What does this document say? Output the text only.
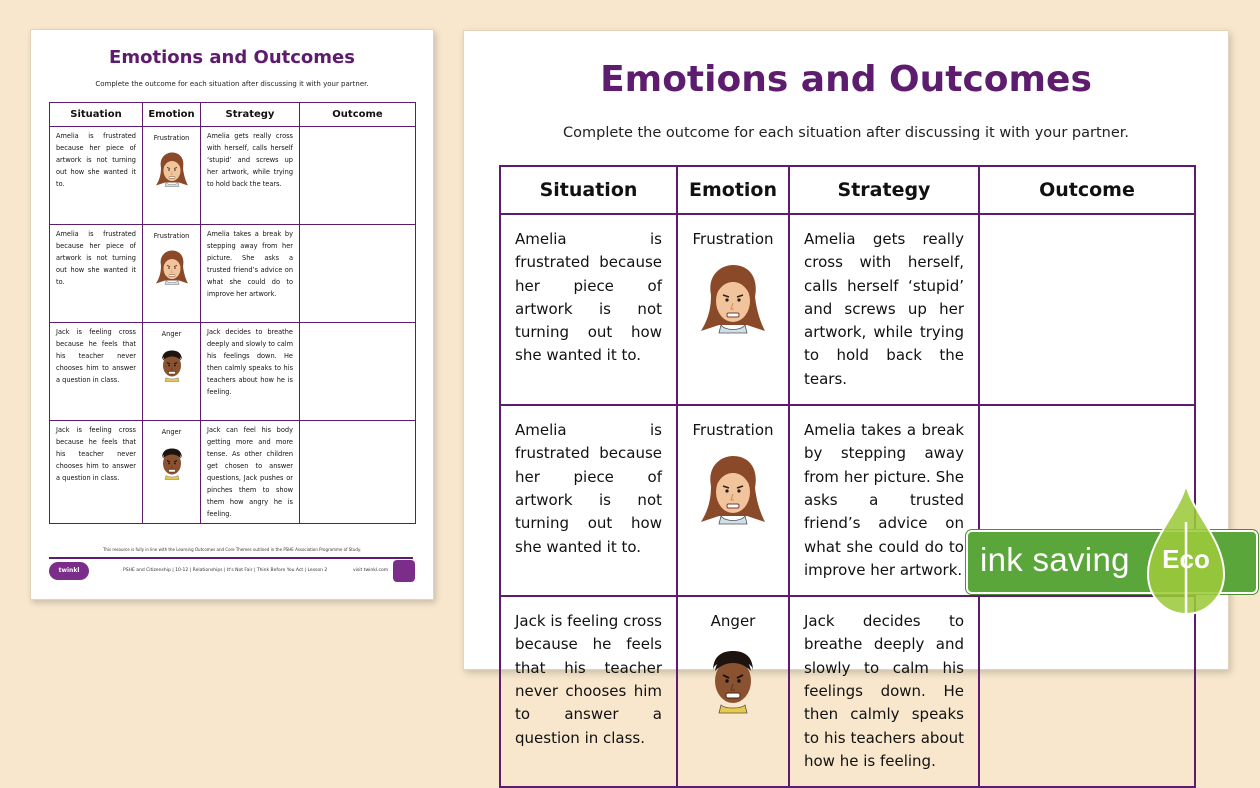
Emotions and Outcomes
Complete the outcome for each situation after discussing it with your partner.
Situation	Emotion	Strategy	Outcome
Amelia is frustrated because her piece of artwork is not turning out how she wanted it to.	Frustration	Amelia gets really cross with herself, calls herself ‘stupid’ and screws up her artwork, while trying to hold back the tears.	
Amelia is frustrated because her piece of artwork is not turning out how she wanted it to.	Frustration	Amelia takes a break by stepping away from her picture. She asks a trusted friend’s advice on what she could do to improve her artwork.	
Jack is feeling cross because he feels that his teacher never chooses him to answer a question in class.	Anger	Jack decides to breathe deeply and slowly to calm his feelings down. He then calmly speaks to his teachers about how he is feeling.	
Jack is feeling cross because he feels that his teacher never chooses him to answer a question in class.	Anger	Jack can feel his body getting more and more tense. As other children get chosen to answer questions, Jack pushes or pinches them to show them how angry he is feeling.	
This resource is fully in line with the Learning Outcomes and Core Themes outlined in the PSHE Association Programme of Study.
twinkl	PSHE and Citizenship | 10-12 | Relationships | It's Not Fair | Think Before You Act | Lesson 2	visit twinkl.com
Emotions and Outcomes
Complete the outcome for each situation after discussing it with your partner.
Situation	Emotion	Strategy	Outcome
Amelia is frustrated because her piece of artwork is not turning out how she wanted it to.	Frustration	Amelia gets really cross with herself, calls herself ‘stupid’ and screws up her artwork, while trying to hold back the tears.	
Amelia is frustrated because her piece of artwork is not turning out how she wanted it to.	Frustration	Amelia takes a break by stepping away from her picture. She asks a trusted friend’s advice on what she could do to improve her artwork.	
Jack is feeling cross because he feels that his teacher never chooses him to answer a question in class.	Anger	Jack decides to breathe deeply and slowly to calm his feelings down. He then calmly speaks to his teachers about how he is feeling.	
ink saving	Eco
